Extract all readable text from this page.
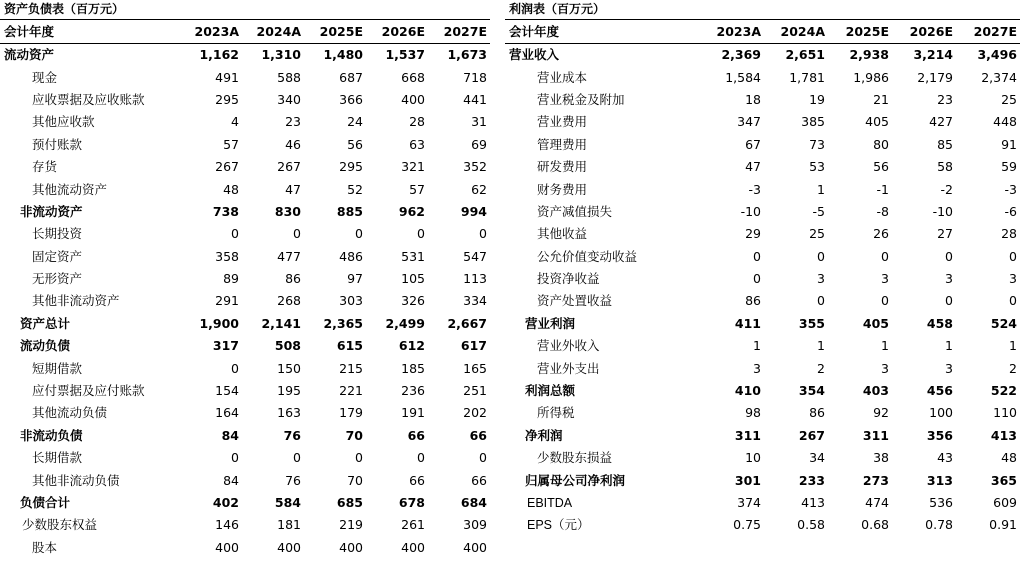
资产负债表（百万元）
会计年度	2023A	2024A	2025E	2026E	2027E
流动资产	1,162	1,310	1,480	1,537	1,673
现金	491	588	687	668	718
应收票据及应收账款	295	340	366	400	441
其他应收款	4	23	24	28	31
预付账款	57	46	56	63	69
存货	267	267	295	321	352
其他流动资产	48	47	52	57	62
非流动资产	738	830	885	962	994
长期投资	0	0	0	0	0
固定资产	358	477	486	531	547
无形资产	89	86	97	105	113
其他非流动资产	291	268	303	326	334
资产总计	1,900	2,141	2,365	2,499	2,667
流动负债	317	508	615	612	617
短期借款	0	150	215	185	165
应付票据及应付账款	154	195	221	236	251
其他流动负债	164	163	179	191	202
非流动负债	84	76	70	66	66
长期借款	0	0	0	0	0
其他非流动负债	84	76	70	66	66
负债合计	402	584	685	678	684
少数股东权益	146	181	219	261	309
股本	400	400	400	400	400
利润表（百万元）
会计年度	2023A	2024A	2025E	2026E	2027E
营业收入	2,369	2,651	2,938	3,214	3,496
营业成本	1,584	1,781	1,986	2,179	2,374
营业税金及附加	18	19	21	23	25
营业费用	347	385	405	427	448
管理费用	67	73	80	85	91
研发费用	47	53	56	58	59
财务费用	-3	1	-1	-2	-3
资产减值损失	-10	-5	-8	-10	-6
其他收益	29	25	26	27	28
公允价值变动收益	0	0	0	0	0
投资净收益	0	3	3	3	3
资产处置收益	86	0	0	0	0
营业利润	411	355	405	458	524
营业外收入	1	1	1	1	1
营业外支出	3	2	3	3	2
利润总额	410	354	403	456	522
所得税	98	86	92	100	110
净利润	311	267	311	356	413
少数股东损益	10	34	38	43	48
归属母公司净利润	301	233	273	313	365
EBITDA	374	413	474	536	609
EPS（元）	0.75	0.58	0.68	0.78	0.91
